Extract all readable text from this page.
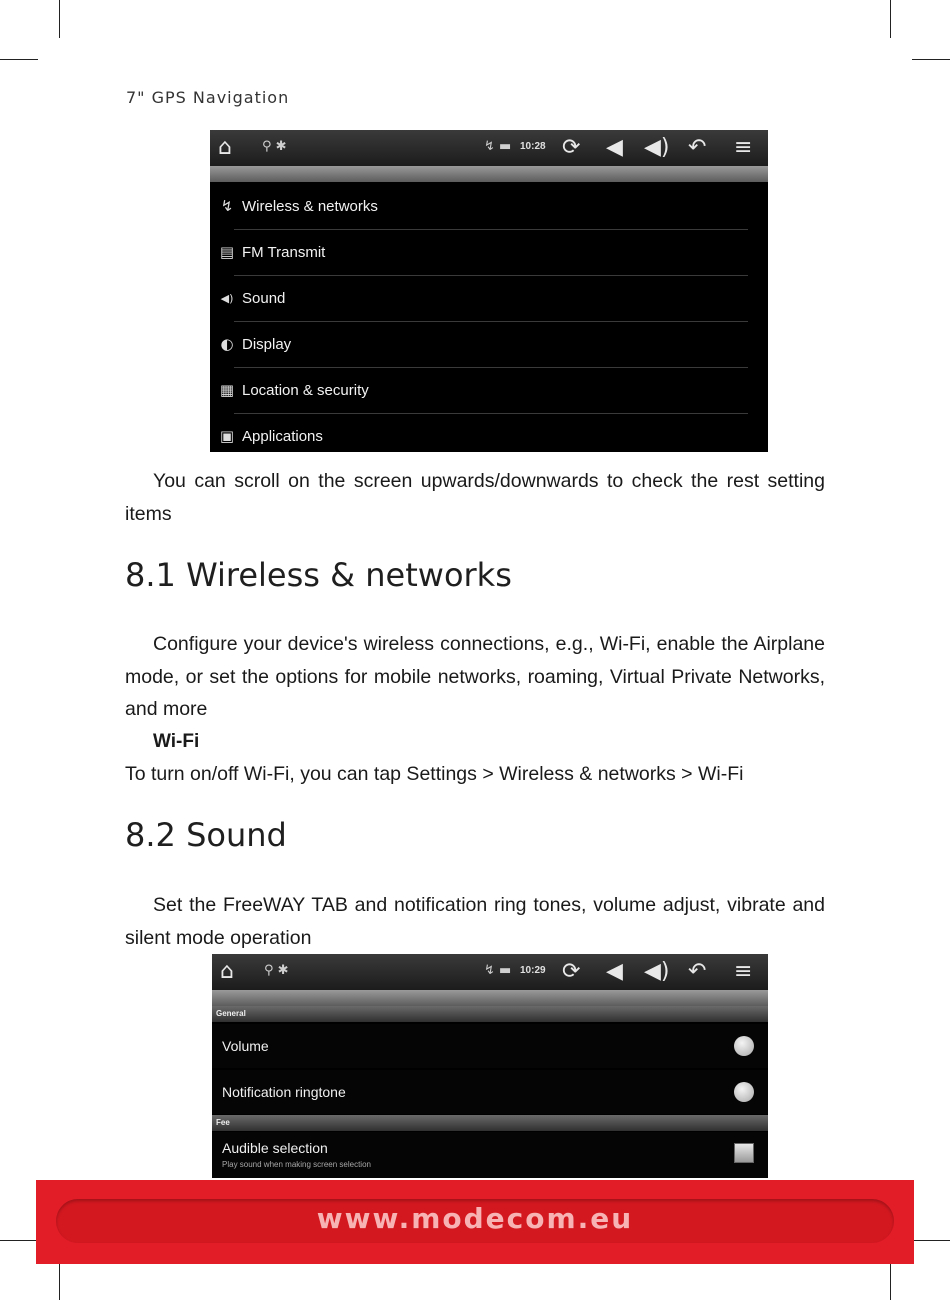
7" GPS Navigation
⌂ ⚲ ✱	↯ ▬ 10:28 ⟳ ◀ ◀) ↶ ≡
↯ Wireless & networks
▤ FM Transmit
◀) Sound
◐ Display
▦ Location & security
▣ Applications
You can scroll on the screen upwards/downwards to check the rest setting items
8.1 Wireless & networks
Configure your device's wireless connections, e.g., Wi-Fi, enable the Airplane mode, or set the options for mobile networks, roaming, Virtual Private Networks, and more
Wi-Fi
To turn on/off Wi-Fi, you can tap Settings > Wireless & networks > Wi-Fi
8.2 Sound
Set the FreeWAY TAB and notification ring tones, volume adjust, vibrate and silent mode operation
⌂ ⚲ ✱	↯ ▬ 10:29 ⟳ ◀ ◀) ↶ ≡
General
Volume
Notification ringtone
Fee
Audible selection
Play sound when making screen selection
www.modecom.eu
